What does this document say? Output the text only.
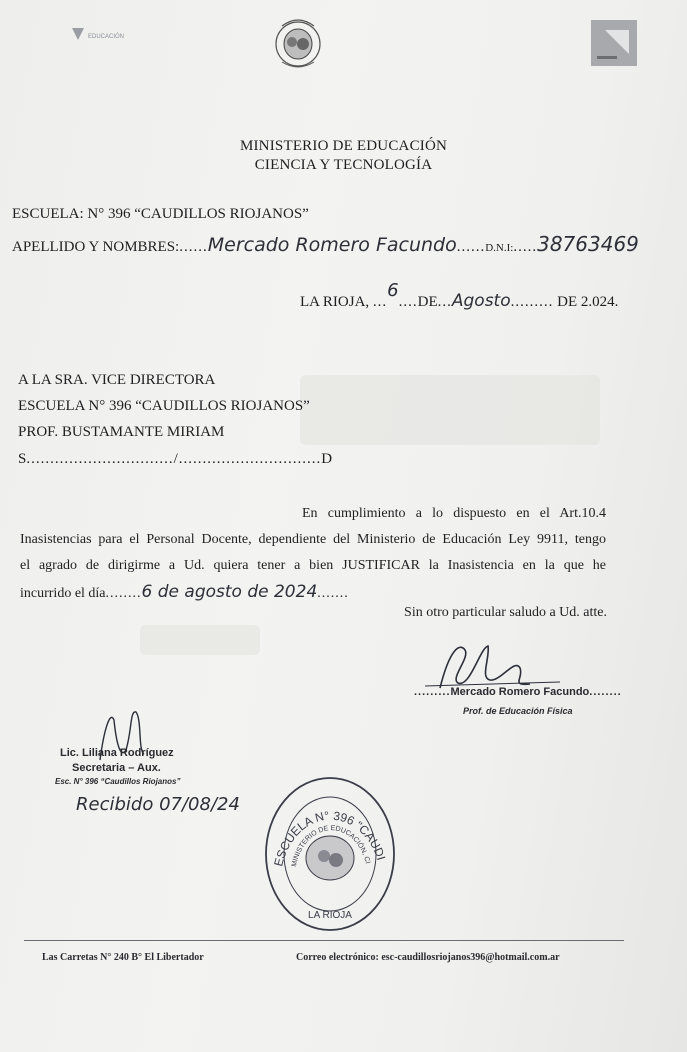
EDUCACIÓN
MINISTERIO DE EDUCACIÓN
CIENCIA Y TECNOLOGÍA
ESCUELA: N° 396 “CAUDILLOS RIOJANOS”
APELLIDO Y NOMBRES:......Mercado Romero Facundo......D.N.I:.....38763469
LA RIOJA, ...6....DE...Agosto......... DE 2.024.
A LA SRA. VICE DIRECTORA
ESCUELA N° 396 “CAUDILLOS RIOJANOS”
PROF. BUSTAMANTE MIRIAM
S.............................../..............................D
En cumplimiento a lo dispuesto en el Art.10.4
Inasistencias para el Personal Docente, dependiente del Ministerio de Educación Ley 9911, tengo
el agrado de dirigirme a Ud. quiera tener a bien JUSTIFICAR la Inasistencia en la que he
incurrido el día........6 de agosto de 2024.......
Sin otro particular saludo a Ud. atte.
.........Mercado Romero Facundo........
Prof. de Educación Física
Lic. Liliana Rodríguez
Secretaria – Aux.
Esc. N° 396 “Caudillos Riojanos”
Recibido 07/08/24
ESCUELA N° 396 "CAUDI
MINISTERIO DE EDUCACIÓN, CI
LA RIOJA
Las Carretas N° 240 B° El Libertador	Correo electrónico: esc-caudillosriojanos396@hotmail.com.ar
